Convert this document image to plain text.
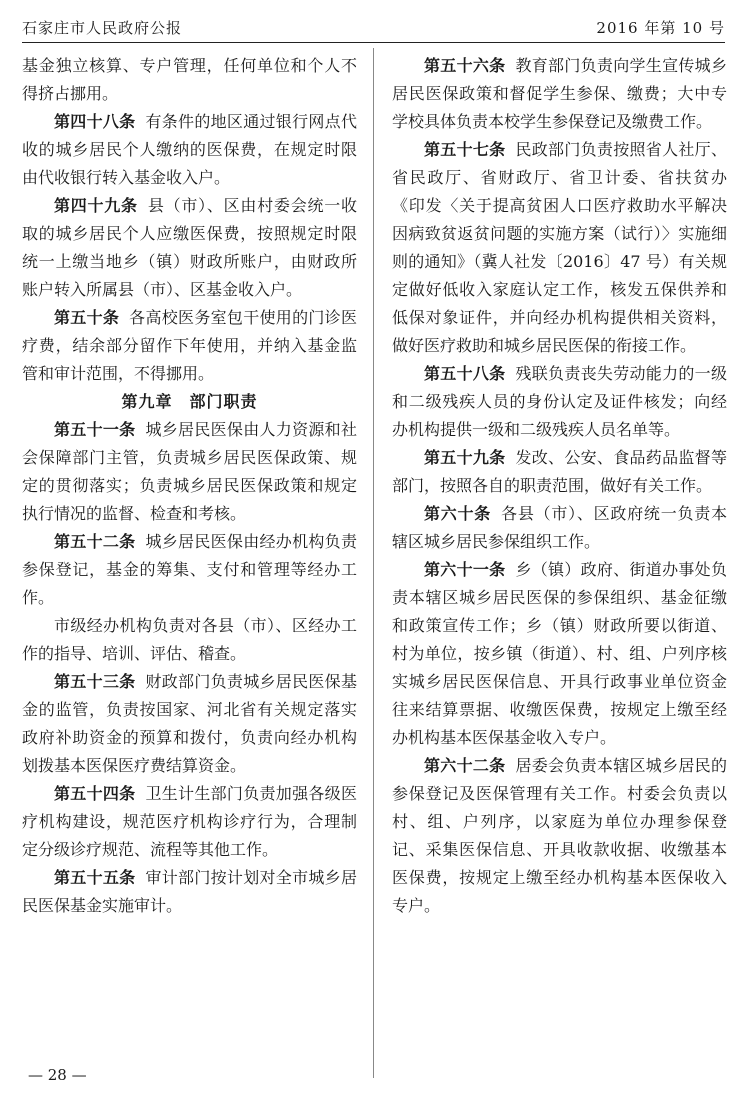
石家庄市人民政府公报	2016 年第 10 号

基金独立核算、专户管理，任何单位和个人不得挤占挪用。

第四十八条 有条件的地区通过银行网点代收的城乡居民个人缴纳的医保费，在规定时限由代收银行转入基金收入户。

第四十九条 县（市）、区由村委会统一收取的城乡居民个人应缴医保费，按照规定时限统一上缴当地乡（镇）财政所账户，由财政所账户转入所属县（市）、区基金收入户。

第五十条 各高校医务室包干使用的门诊医疗费，结余部分留作下年使用，并纳入基金监管和审计范围，不得挪用。

第九章　部门职责

第五十一条 城乡居民医保由人力资源和社会保障部门主管，负责城乡居民医保政策、规定的贯彻落实；负责城乡居民医保政策和规定执行情况的监督、检查和考核。

第五十二条 城乡居民医保由经办机构负责参保登记，基金的筹集、支付和管理等经办工作。

市级经办机构负责对各县（市）、区经办工作的指导、培训、评估、稽查。

第五十三条 财政部门负责城乡居民医保基金的监管，负责按国家、河北省有关规定落实政府补助资金的预算和拨付，负责向经办机构划拨基本医保医疗费结算资金。

第五十四条 卫生计生部门负责加强各级医疗机构建设，规范医疗机构诊疗行为，合理制定分级诊疗规范、流程等其他工作。

第五十五条 审计部门按计划对全市城乡居民医保基金实施审计。

第五十六条 教育部门负责向学生宣传城乡居民医保政策和督促学生参保、缴费；大中专学校具体负责本校学生参保登记及缴费工作。

第五十七条 民政部门负责按照省人社厅、省民政厅、省财政厅、省卫计委、省扶贫办《印发〈关于提高贫困人口医疗救助水平解决因病致贫返贫问题的实施方案（试行）〉实施细则的通知》（冀人社发〔2016〕47 号）有关规定做好低收入家庭认定工作，核发五保供养和低保对象证件，并向经办机构提供相关资料，做好医疗救助和城乡居民医保的衔接工作。

第五十八条 残联负责丧失劳动能力的一级和二级残疾人员的身份认定及证件核发；向经办机构提供一级和二级残疾人员名单等。

第五十九条 发改、公安、食品药品监督等部门，按照各自的职责范围，做好有关工作。

第六十条 各县（市）、区政府统一负责本辖区城乡居民参保组织工作。

第六十一条 乡（镇）政府、街道办事处负责本辖区城乡居民医保的参保组织、基金征缴和政策宣传工作；乡（镇）财政所要以街道、村为单位，按乡镇（街道）、村、组、户列序核实城乡居民医保信息、开具行政事业单位资金往来结算票据、收缴医保费，按规定上缴至经办机构基本医保基金收入专户。

第六十二条 居委会负责本辖区城乡居民的参保登记及医保管理有关工作。村委会负责以村、组、户列序，以家庭为单位办理参保登记、采集医保信息、开具收款收据、收缴基本医保费，按规定上缴至经办机构基本医保收入专户。

— 28 —
